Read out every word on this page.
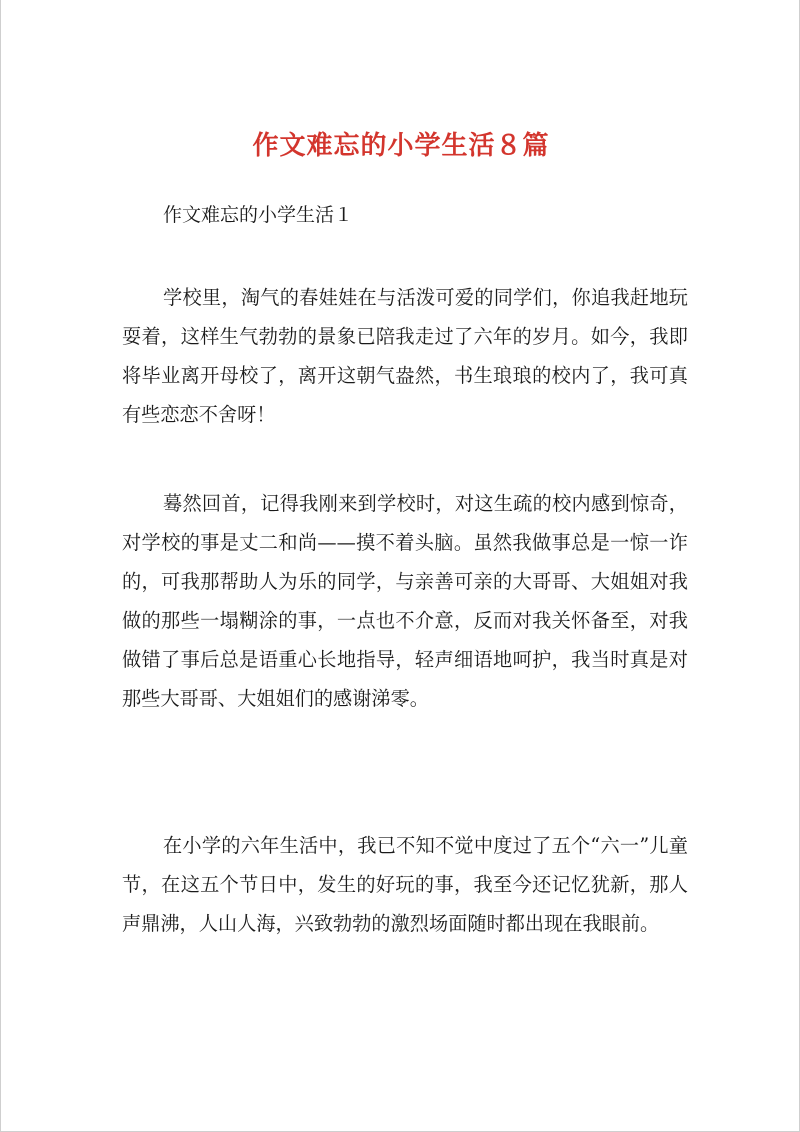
作文难忘的小学生活８篇
作文难忘的小学生活１

学校里，淘气的春娃娃在与活泼可爱的同学们，你追我赶地玩耍着，这样生气勃勃的景象已陪我走过了六年的岁月。如今，我即将毕业离开母校了，离开这朝气盎然，书生琅琅的校内了，我可真有些恋恋不舍呀！

蓦然回首，记得我刚来到学校时，对这生疏的校内感到惊奇，对学校的事是丈二和尚——摸不着头脑。虽然我做事总是一惊一诈的，可我那帮助人为乐的同学，与亲善可亲的大哥哥、大姐姐对我做的那些一塌糊涂的事，一点也不介意，反而对我关怀备至，对我做错了事后总是语重心长地指导，轻声细语地呵护，我当时真是对那些大哥哥、大姐姐们的感谢涕零。

在小学的六年生活中，我已不知不觉中度过了五个“六一”儿童节，在这五个节日中，发生的好玩的事，我至今还记忆犹新，那人声鼎沸，人山人海，兴致勃勃的激烈场面随时都出现在我眼前。
